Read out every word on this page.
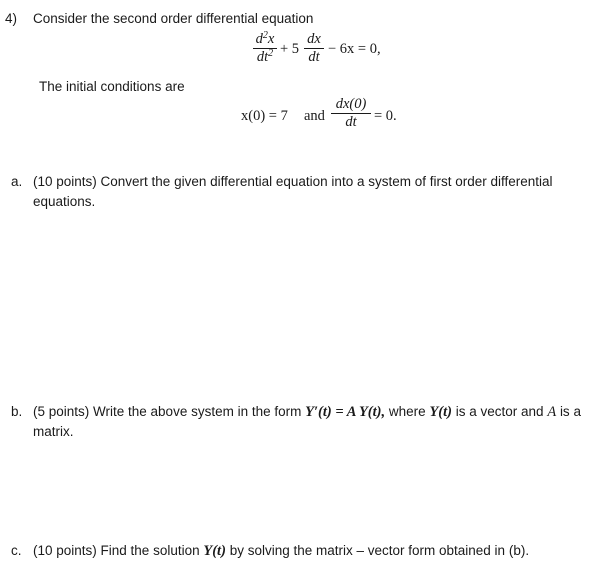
4) Consider the second order differential equation
$d^2x$
$dt^2 + 5$
dx
dt − 6x = 0,
The initial conditions are
x(0) = 7 and
dx(0)
dt	= 0.
a. (10 points) Convert the given differential equation into a system of first order differential
equations.
b. (5 points) Write the above system in the form Y′(t) = A Y(t), where Y(t) is a vector and A is a
matrix.
c. (10 points) Find the solution Y(t) by solving the matrix – vector form obtained in (b).
